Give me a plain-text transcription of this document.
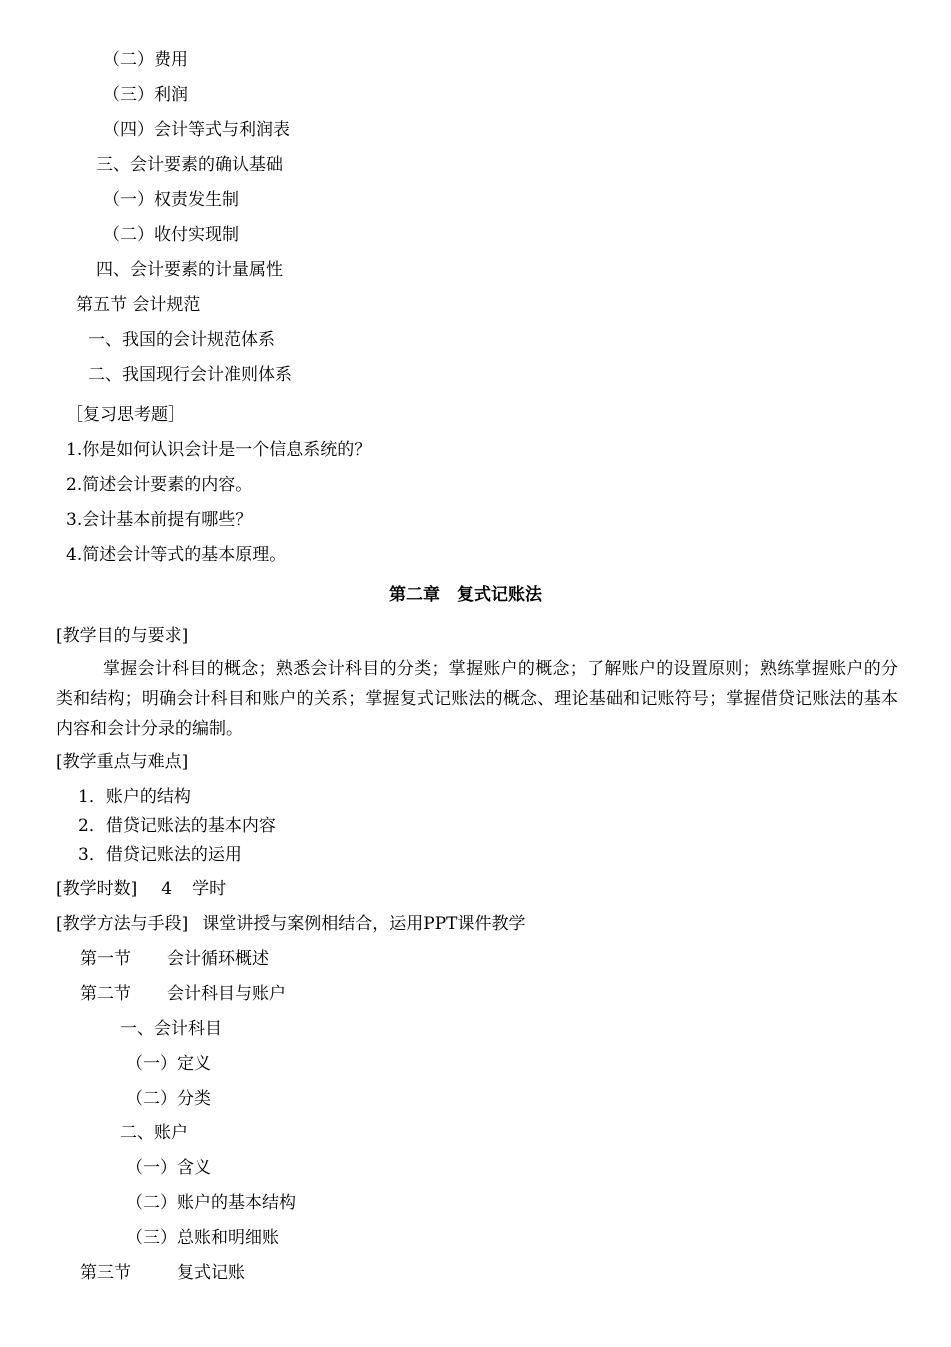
（二）费用
（三）利润
（四）会计等式与利润表
三、会计要素的确认基础
（一）权责发生制
（二）收付实现制
四、会计要素的计量属性
第五节 会计规范
一、我国的会计规范体系
二、我国现行会计准则体系
［复习思考题］
1.你是如何认识会计是一个信息系统的？
2.简述会计要素的内容。
3.会计基本前提有哪些？
4.简述会计等式的基本原理。
第二章　复式记账法
[教学目的与要求]
掌握会计科目的概念；熟悉会计科目的分类；掌握账户的概念；了解账户的设置原则；熟练掌握账户的分类和结构；明确会计科目和账户的关系；掌握复式记账法的概念、理论基础和记账符号；掌握借贷记账法的基本内容和会计分录的编制。
[教学重点与难点]
1．账户的结构
2．借贷记账法的基本内容
3．借贷记账法的运用
[教学时数] 4 学时
[教学方法与手段] 课堂讲授与案例相结合，运用PPT课件教学
第一节 会计循环概述
第二节 会计科目与账户
一、会计科目
（一）定义
（二）分类
二、账户
（一）含义
（二）账户的基本结构
（三）总账和明细账
第三节	复式记账
